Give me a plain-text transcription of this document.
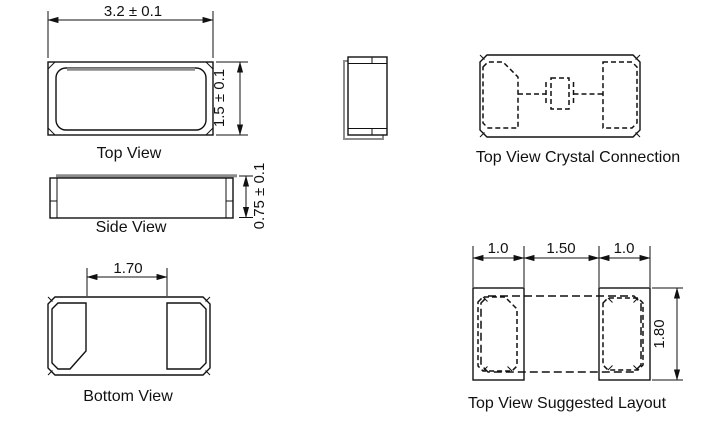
3.2 ± 0.1
1.5 ± 0.1
Top View
0.75 ± 0.1
Side View
1.70
Bottom View
Top View Crystal Connection
1.0	1.50	1.0
1.80
Top View Suggested Layout
